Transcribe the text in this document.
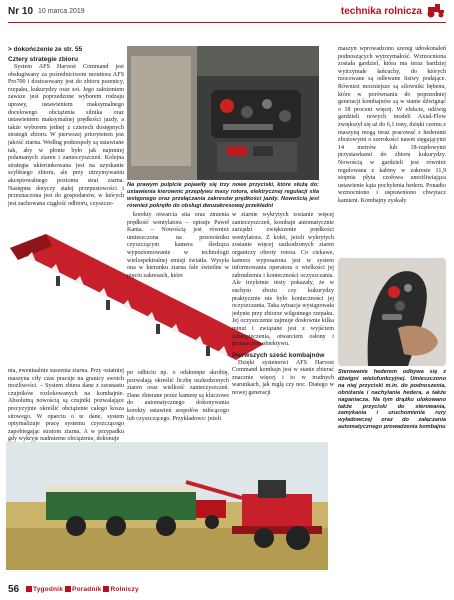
Nr 10 10 marca 2019	technika rolnicza
> dokończenie ze str. 55
Cztery strategie zbioru

System AFS Harvest Command jest obsługiwany za pośrednictwem monitora AFS Pro700 i dostosowany jest do zbioru pszenicy, rzepaku, kukurydzy oraz soi. Jego założeniem zawsze jest poprzedzone wyborem rodzaju uprawy, ustawieniem maksymalnego docelowego obciążenia silnika oraz ustawieniem maksymalnej prędkości jazdy, a także wyborem jednej z czterech dostępnych strategii zbioru. W pierwszej priorytetem jest jakość ziarna. Według podzespoły są ustawiane tak, aby w płonie było jak najmniej połamanych ziaren i zanieczyszczeń. Kolejna strategia ukierunkowana jest na uzyskanie szybkiego zbioru, ale przy utrzymywaniu akceptowalnego poziomu strat ziarna. Następna dotyczy stałej przepustowości i przeznaczona jest do gospodarstw, w których jest zachowana ciągłość odbioru, czyszcze-

Na prawym pulpicie pojawiły się trzy nowe przyciski, które służą do: ustawienia kierownic przepływu masy rotora, elektrycznej regulacji sita wstępnego oraz przełączania zakresów prędkości jazdy. Nowością jest również pokrętło do obsługi dwuzakresowej przekładni

korekty otwarcia sita oraz zmienia prędkość wentylatora – opisuje Paweł Kania. – Nowością jest również umieszczona na przenośniku czyszczącym kamera śledząca wypoziomowanie w technologii wielospektralnej emisji światła. Wysyła ona w kierunku ziarna fale świetlne w pięciu zakresach, które

nia, ewentualnie suszenia ziarna. Przy ostatniej maszyna ciły czas pracuje na granicy swoich możliwości. – System zbiera dane z szesnastu czujników rozlokowanych na kombajnie. Absolutną nowością są czujniki pozwalające precyzyjnie określić obciążenie całego kosza sitowego. W oparciu o te dane, system optymalizuje pracę systemu czyszczącego zapobiegając stratom ziarna. A w przypadku gdy wykryje nadmierne obciążenie, dokonuje

po odbiciu np. o odsłonięte skrobię, pozwalają określić liczbę uszkodzonych ziaren oraz wielkość zanieczyszczeń. Dane zbierane przez kamerę są kluczowe do automatycznego dokonywania korekty ustawień zespołów młócącego lub czyszczącego. Przykładowo: jeżeli

w ziarnie wykrytych zostanie więcej zanieczyszczeń, kombajn automatycznie zarządzi zwiększenie prędkości wentylatora. Z kolei, jeżeli wykrytych zostanie więcej uszkodzonych ziaren organiczy obroty rotora. Co ciekawe, kamera wyposażona jest w system informowania operatora o wielkości jej zabrudzenia i konieczności oczyszczania. Ale trzyletnie testy pokazały, że w suchym zbożu czy kukurydzy praktycznie nie było konieczności jej oczyszczania. Taka sytuacja wystąpowała jedynie przy zbiorze wilgotnego rzepaku. Jej oczyszczenie zajmuje dosłownie kilka minut i związane jest z wyjściem zabezpieczenia, otwarciem osłony i przetarciem obiektywu.

Pierwszych sześć kombajnów

Dzięki systemowi AFS Harvest Command kombajn jest w stanie zbierać znacznie więcej i to w trudnych warunkach, jak mglą czy noc. Diatego w nowej generacji

maszyn wprowadzono szereg udoskonaleń podnoszących wytrzymałość. Wzmocniona została gardziel, która ma teraz bardziej wytrzymałe łańcuchy, do których mocowane są odlewane listwy podające. Również mocniejsze są silowniki bębenu, które w porównaniu do poprzedniej generacji kombajnów są w stanie dźwignąć o 18 procent więcej. W efekcie, udźwig gardzieli nowych modeli Axial-Flow zwiększył się aż do 6,1 tony, dzięki czemu z maszyną mogą teraz pracować z hederami zbożowymi o szerokości nawet sięgającymi 14 metrów lub 18-rzędowymi przystawkami do zbioru kukurydzy. Nowością w gardzieli jest również regulowana z kabiny w zakresie 11,9 stopnia płyta czołowa umożliwiająca ustawienie kąta pochylenia hederu. Ponadto wzmocniono i usprawniono chwytacz kamieni. Kombajny zyskały

Sterowanie hederem odbywa się z dźwigni wielofunkcyjnej. Umieszczono na niej przyciski m.in. do podnoszenia, obniżania i nachylania hedera, a także naganiacza. Na tym drążku ulokowano także przyciski do sterowania, zamykania i uruchomienia rury wyładowczej oraz do załączania automatycznego prowadzenia kombajnu
56	Tygodnik Poradnik Rolniczy
